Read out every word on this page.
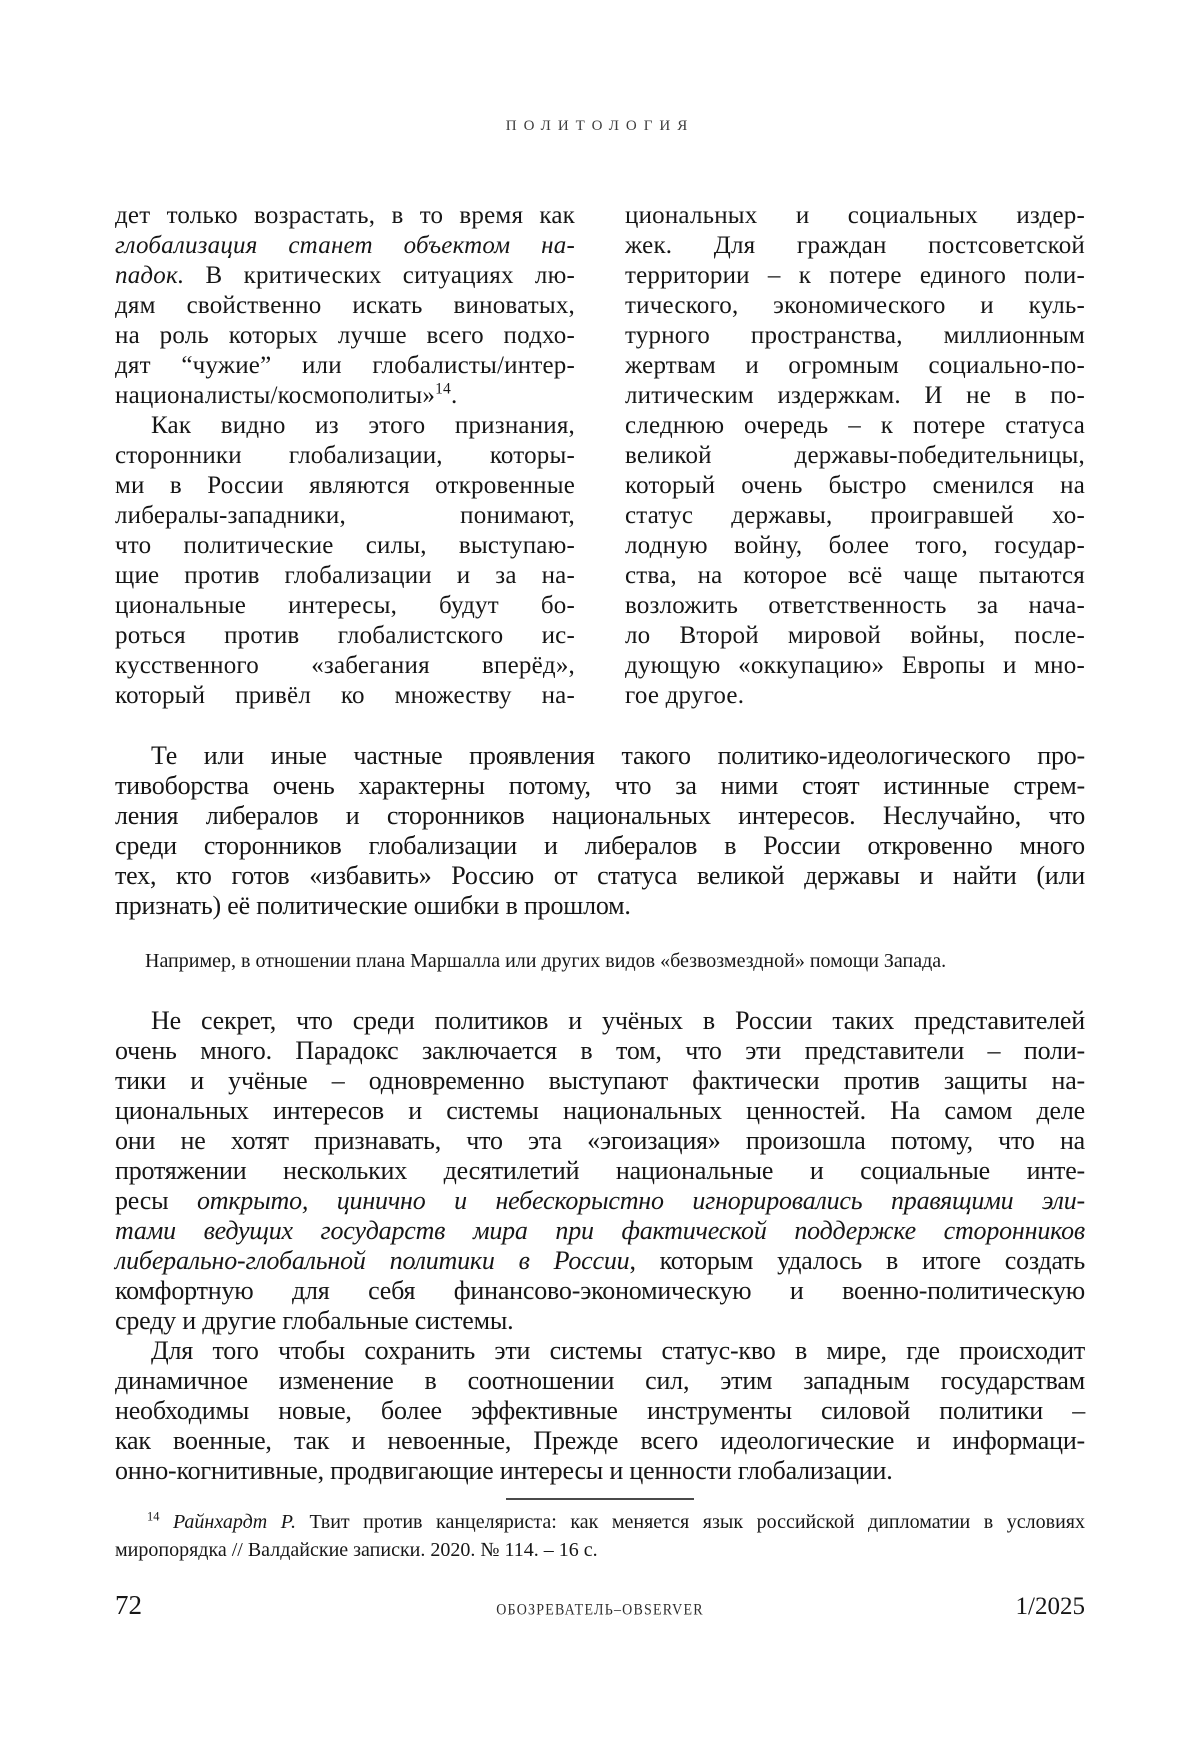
ПОЛИТОЛОГИЯ
дет только возрастать, в то время как
глобализация станет объектом на-
падок. В критических ситуациях лю-
дям свойственно искать виноватых,
на роль которых лучше всего подхо-
дят “чужие” или глобалисты/интер-
националисты/космополиты»$^{14}$.
Как видно из этого признания,
сторонники глобализации, которы-
ми в России являются откровенные
либералы-западники, понимают,
что политические силы, выступаю-
щие против глобализации и за на-
циональные интересы, будут бо-
роться против глобалистского ис-
кусственного «забегания вперёд»,
который привёл ко множеству на-
циональных и социальных издер-
жек. Для граждан постсоветской
территории – к потере единого поли-
тического, экономического и куль-
турного пространства, миллионным
жертвам и огромным социально-по-
литическим издержкам. И не в по-
следнюю очередь – к потере статуса
великой державы-победительницы,
который очень быстро сменился на
статус державы, проигравшей хо-
лодную войну, более того, государ-
ства, на которое всё чаще пытаются
возложить ответственность за нача-
ло Второй мировой войны, после-
дующую «оккупацию» Европы и мно-
гое другое.
Те или иные частные проявления такого политико-идеологического про-
тивоборства очень характерны потому, что за ними стоят истинные стрем-
ления либералов и сторонников национальных интересов. Неслучайно, что
среди сторонников глобализации и либералов в России откровенно много
тех, кто готов «избавить» Россию от статуса великой державы и найти (или
признать) её политические ошибки в прошлом.
Например, в отношении плана Маршалла или других видов «безвозмездной» помощи Запада.
Не секрет, что среди политиков и учёных в России таких представителей
очень много. Парадокс заключается в том, что эти представители – поли-
тики и учёные – одновременно выступают фактически против защиты на-
циональных интересов и системы национальных ценностей. На самом деле
они не хотят признавать, что эта «эгоизация» произошла потому, что на
протяжении нескольких десятилетий национальные и социальные инте-
ресы открыто, цинично и небескорыстно игнорировались правящими эли-
тами ведущих государств мира при фактической поддержке сторонников
либерально-глобальной политики в России, которым удалось в итоге создать
комфортную для себя финансово-экономическую и военно-политическую
среду и другие глобальные системы.
Для того чтобы сохранить эти системы статус-кво в мире, где происходит
динамичное изменение в соотношении сил, этим западным государствам
необходимы новые, более эффективные инструменты силовой политики –
как военные, так и невоенные, Прежде всего идеологические и информаци-
онно-когнитивные, продвигающие интересы и ценности глобализации.
$^{14}$ Райнхардт Р. Твит против канцеляриста: как меняется язык российской дипломатии в условиях
миропорядка // Валдайские записки. 2020. № 114. – 16 с.
72	ОБОЗРЕВАТЕЛЬ–OBSERVER	1/2025
